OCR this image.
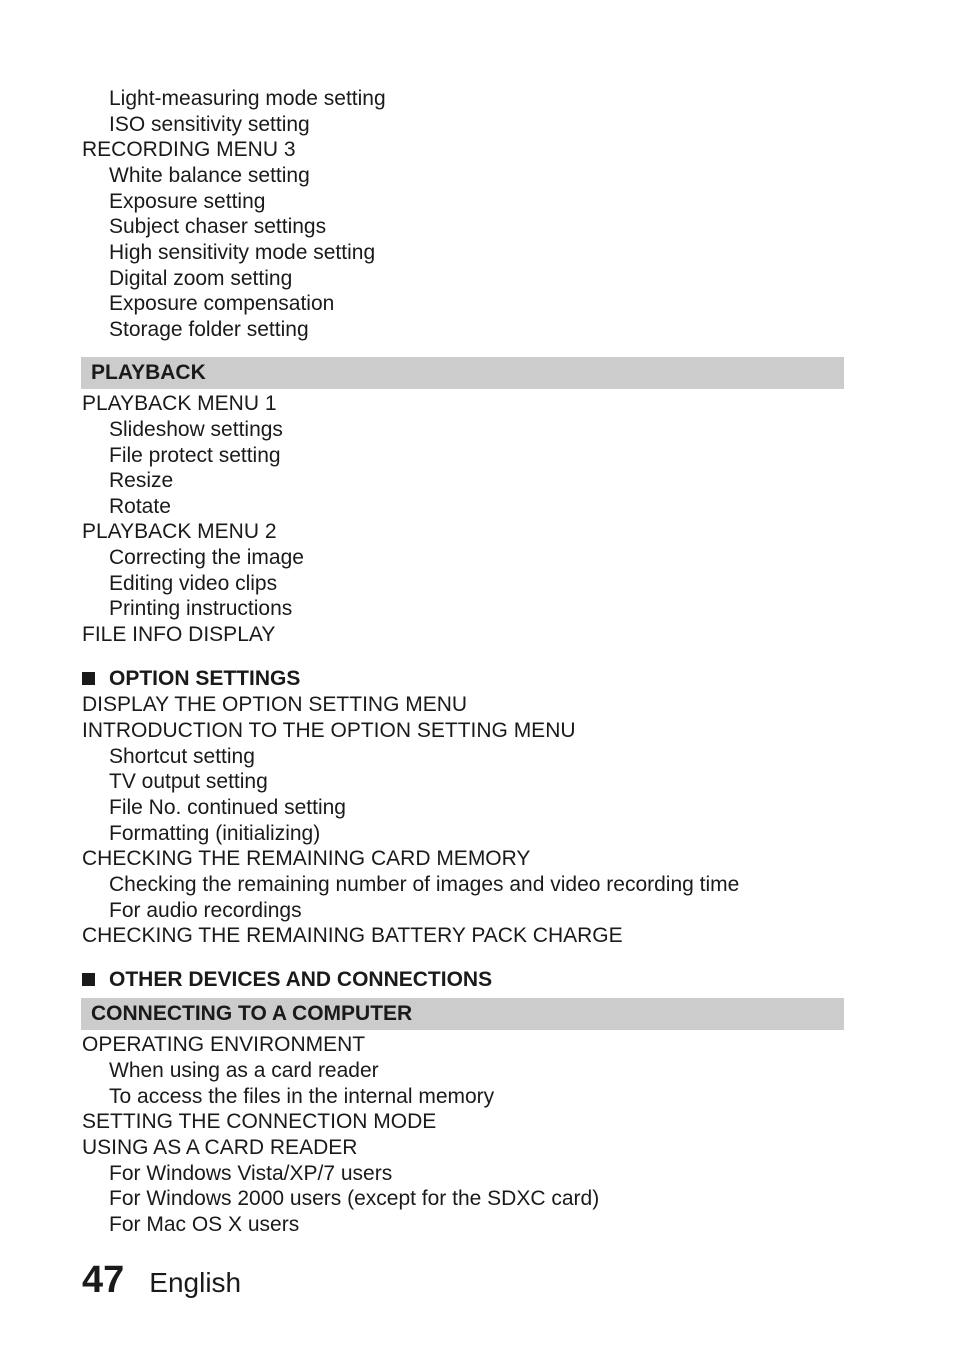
Light-measuring mode setting
ISO sensitivity setting
RECORDING MENU 3
White balance setting
Exposure setting
Subject chaser settings
High sensitivity mode setting
Digital zoom setting
Exposure compensation
Storage folder setting
PLAYBACK
PLAYBACK MENU 1
Slideshow settings
File protect setting
Resize
Rotate
PLAYBACK MENU 2
Correcting the image
Editing video clips
Printing instructions
FILE INFO DISPLAY
OPTION SETTINGS
DISPLAY THE OPTION SETTING MENU
INTRODUCTION TO THE OPTION SETTING MENU
Shortcut setting
TV output setting
File No. continued setting
Formatting (initializing)
CHECKING THE REMAINING CARD MEMORY
Checking the remaining number of images and video recording time
For audio recordings
CHECKING THE REMAINING BATTERY PACK CHARGE
OTHER DEVICES AND CONNECTIONS
CONNECTING TO A COMPUTER
OPERATING ENVIRONMENT
When using as a card reader
To access the files in the internal memory
SETTING THE CONNECTION MODE
USING AS A CARD READER
For Windows Vista/XP/7 users
For Windows 2000 users (except for the SDXC card)
For Mac OS X users
47 English
